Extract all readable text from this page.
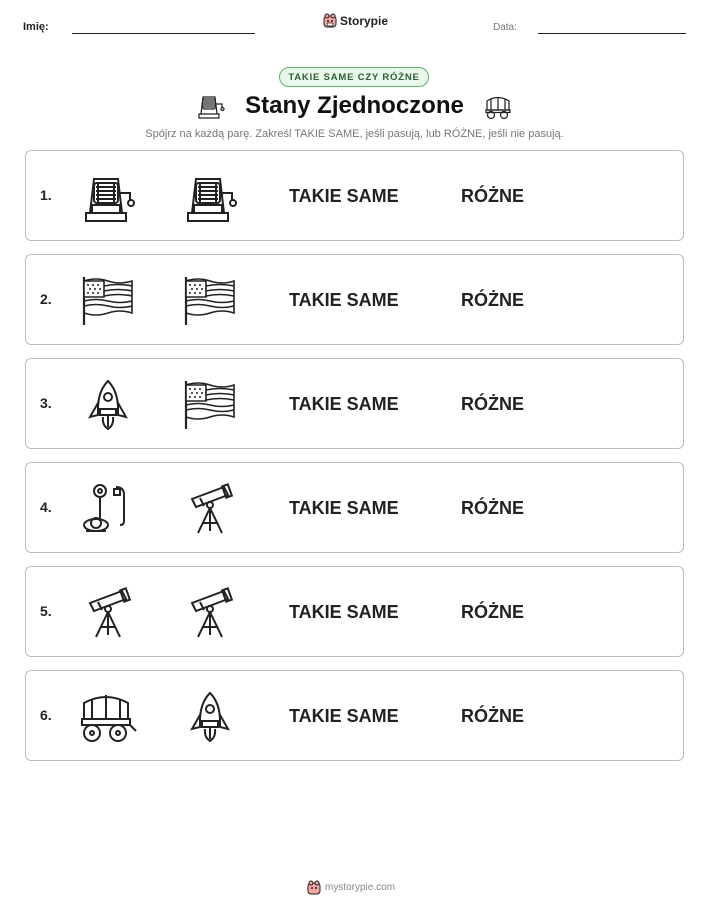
Imię:	Storypie	Data:
TAKIE SAME CZY RÓŻNE
Stany Zjednoczone
Spójrz na każdą parę. Zakreśl TAKIE SAME, jeśli pasują, lub RÓŻNE, jeśli nie pasują.
1.	TAKIE SAME	RÓŻNE
2.	TAKIE SAME	RÓŻNE
3.	TAKIE SAME	RÓŻNE
4.	TAKIE SAME	RÓŻNE
5.	TAKIE SAME	RÓŻNE
6.	TAKIE SAME	RÓŻNE
mystorypie.com
